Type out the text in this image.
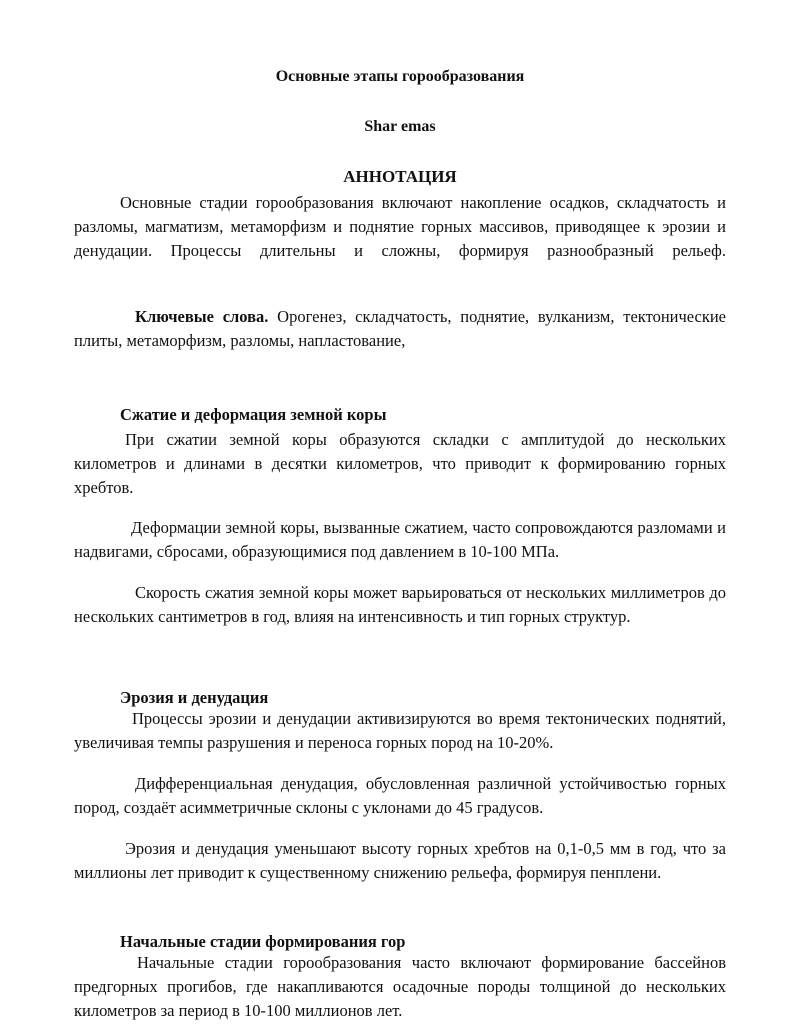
Основные этапы горообразования
Shar emas
АННОТАЦИЯ
Основные стадии горообразования включают накопление осадков, складчатость и разломы, магматизм, метаморфизм и поднятие горных массивов, приводящее к эрозии и денудации. Процессы длительны и сложны, формируя разнообразный рельеф.
Ключевые слова. Орогенез, складчатость, поднятие, вулканизм, тектонические плиты, метаморфизм, разломы, напластование,
Сжатие и деформация земной коры
При сжатии земной коры образуются складки с амплитудой до нескольких километров и длинами в десятки километров, что приводит к формированию горных хребтов.
Деформации земной коры, вызванные сжатием, часто сопровождаются разломами и надвигами, сбросами, образующимися под давлением в 10-100 МПа.
Скорость сжатия земной коры может варьироваться от нескольких миллиметров до нескольких сантиметров в год, влияя на интенсивность и тип горных структур.
Эрозия и денудация
Процессы эрозии и денудации активизируются во время тектонических поднятий, увеличивая темпы разрушения и переноса горных пород на 10-20%.
Дифференциальная денудация, обусловленная различной устойчивостью горных пород, создаёт асимметричные склоны с уклонами до 45 градусов.
Эрозия и денудация уменьшают высоту горных хребтов на 0,1-0,5 мм в год, что за миллионы лет приводит к существенному снижению рельефа, формируя пенплени.
Начальные стадии формирования гор
Начальные стадии горообразования часто включают формирование бассейнов предгорных прогибов, где накапливаются осадочные породы толщиной до нескольких километров за период в 10-100 миллионов лет.
